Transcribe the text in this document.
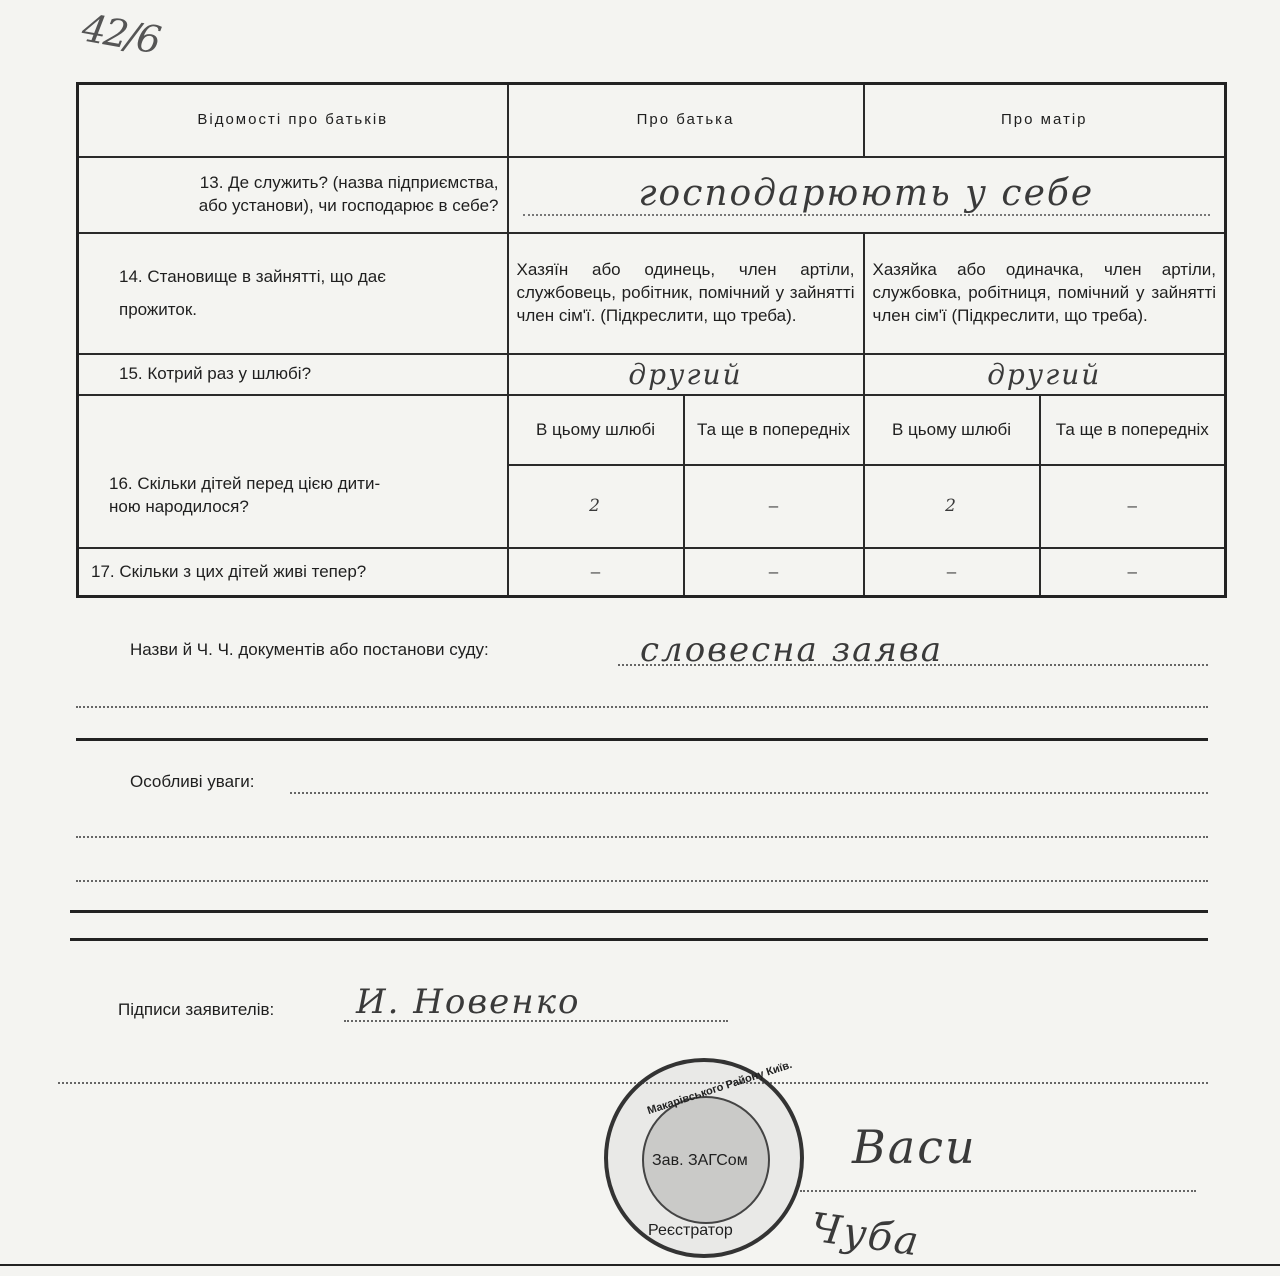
42/6
Відомості про батьків	Про батька		Про матір	

13. Де служить? (назва підприємства,
або установи), чи господарює в себе?	господарюють у себе			

14. Становище в зайнятті, що дає
прожиток.	Хазяїн або одинець, член артіли, службовець, робітник, помічний у зайнятті член сім'ї. (Підкреслити, що треба).		Хазяйка або одиначка, член артіли, службовка, робітниця, помічний у зайнятті член сім'ї (Підкреслити, що треба).	
15. Котрий раз у шлюбі?	другий		другий	

16. Скільки дітей перед цією дити-
ною народилося?	В цьому шлюбі	Та ще в попередніх	В цьому шлюбі	Та ще в попередніх
	2	–	2	–
17. Скільки з цих дітей живі тепер?	–	–	–	–
Назви й Ч. Ч. документів або постанови суду:	словесна заява
Особливі уваги:
Підписи заявителів: И. Новенко
Макарівського Району Київ.
Зав. ЗАГСом Васи
Реєстратор Чуба
